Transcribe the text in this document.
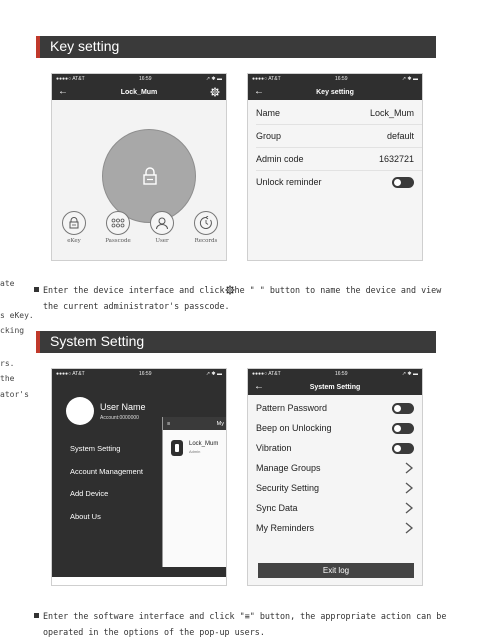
ate
s eKey.
cking
rs.
the
ator's
Key setting
●●●●○ AT&T	16:59	↗ ✱ ▬
←	Lock_Mum
eKey	Passcode	User	Records
●●●●○ AT&T	16:59	↗ ✱ ▬
←	Key setting
Name	Lock_Mum
Group	default
Admin code	1632721
Unlock reminder
Enter the device interface and click he " " button to name the device and view
the current administrator's passcode.
System Setting
●●●●○ AT&T	16:59	↗ ✱ ▬
User Name
Account:0000000
System Setting
Account Management
Add Device
About Us
≡	My
Lock_Mum
Admin
●●●●○ AT&T	16:59	↗ ✱ ▬
←	System Setting
Pattern Password
Beep on Unlocking
Vibration
Manage Groups
Security Setting
Sync Data
My Reminders
Exit log
Enter the software interface and click "≡" button, the appropriate action can be
operated in the options of the pop-up users.
